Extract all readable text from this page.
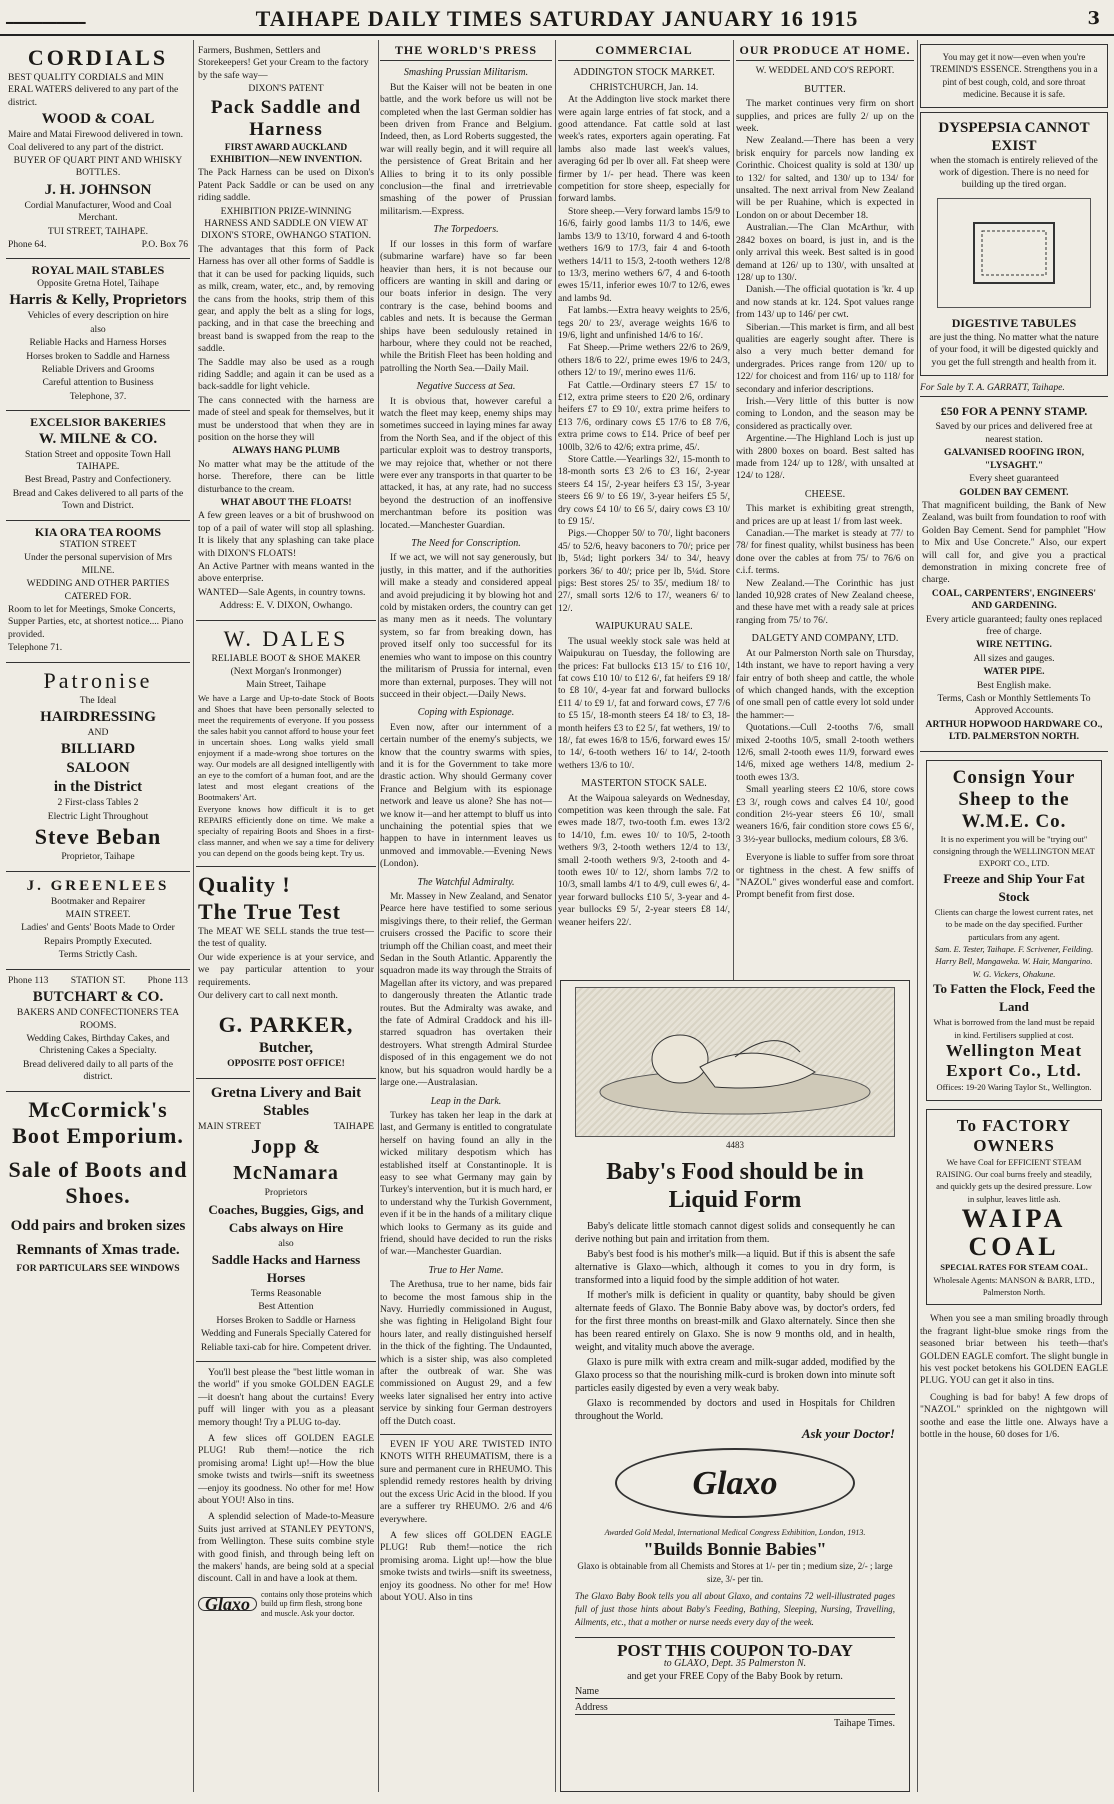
━━━━━━━━━━━	TAIHAPE DAILY TIMES SATURDAY JANUARY 16 1915	3

CORDIALS

BEST QUALITY CORDIALS and MIN ERAL WATERS delivered to any part of the district.

WOOD & COAL

Maire and Matai Firewood delivered in town. Coal delivered to any part of the district.

BUYER OF QUART PINT AND WHISKY BOTTLES.

J. H. JOHNSON

Cordial Manufacturer, Wood and Coal Merchant.

TUI STREET, TAIHAPE.

Phone 64.	P.O. Box 76

ROYAL MAIL STABLES

Opposite Gretna Hotel, Taihape

Harris & Kelly, Proprietors

Vehicles of every description on hire

also

Reliable Hacks and Harness Horses

Horses broken to Saddle and Harness

Reliable Drivers and Grooms

Careful attention to Business

Telephone, 37.

EXCELSIOR BAKERIES

W. MILNE & CO.

Station Street and opposite Town Hall TAIHAPE.

Best Bread, Pastry and Confectionery.

Bread and Cakes delivered to all parts of the Town and District.

KIA ORA TEA ROOMS

STATION STREET

Under the personal supervision of Mrs MILNE.

WEDDING AND OTHER PARTIES CATERED FOR.

Room to let for Meetings, Smoke Concerts, Supper Parties, etc, at shortest notice.... Piano provided.

Telephone 71.

Patronise

The Ideal

HAIRDRESSING

AND

BILLIARD

SALOON

in the District

2 First-class Tables 2

Electric Light Throughout

Steve Beban

Proprietor, Taihape

J. GREENLEES

Bootmaker and Repairer

MAIN STREET.

Ladies' and Gents' Boots Made to Order

Repairs Promptly Executed.

Terms Strictly Cash.

Phone 113 STATION ST. Phone 113

BUTCHART & CO.

BAKERS AND CONFECTIONERS TEA ROOMS.

Wedding Cakes, Birthday Cakes, and Christening Cakes a Specialty.

Bread delivered daily to all parts of the district.

McCormick's Boot Emporium.

Sale of Boots and Shoes.

Odd pairs and broken sizes

Remnants of Xmas trade.

FOR PARTICULARS SEE WINDOWS

Farmers, Bushmen, Settlers and Storekeepers! Get your Cream to the factory by the safe way—

DIXON'S PATENT

Pack Saddle and Harness

FIRST AWARD AUCKLAND EXHIBITION—NEW INVENTION.

The Pack Harness can be used on Dixon's Patent Pack Saddle or can be used on any riding saddle.

EXHIBITION PRIZE-WINNING HARNESS AND SADDLE ON VIEW AT DIXON'S STORE, OWHANGO STATION.

The advantages that this form of Pack Harness has over all other forms of Saddle is that it can be used for packing liquids, such as milk, cream, water, etc., and, by removing the cans from the hooks, strip them of this gear, and apply the belt as a sling for logs, packing, and in that case the breeching and breast band is swapped from the reap to the saddle.

The Saddle may also be used as a rough riding Saddle; and again it can be used as a back-saddle for light vehicle.

The cans connected with the harness are made of steel and speak for themselves, but it must be understood that when they are in position on the horse they will

ALWAYS HANG PLUMB

No matter what may be the attitude of the horse. Therefore, there can be little disturbance to the cream.

WHAT ABOUT THE FLOATS!

A few green leaves or a bit of brushwood on top of a pail of water will stop all splashing. It is likely that any splashing can take place with DIXON'S FLOATS!

An Active Partner with means wanted in the above enterprise.

WANTED—Sale Agents, in country towns.

Address: E. V. DIXON, Owhango.

W. DALES

RELIABLE BOOT & SHOE MAKER

(Next Morgan's Ironmonger)

Main Street, Taihape

We have a Large and Up-to-date Stock of Boots and Shoes that have been personally selected to meet the requirements of everyone. If you possess the sales habit you cannot afford to house your feet in uncertain shoes. Long walks yield small enjoyment if a made-wrong shoe tortures on the way. Our models are all designed intelligently with an eye to the comfort of a human foot, and are the latest and most elegant creations of the Bootmakers' Art.

Everyone knows how difficult it is to get REPAIRS efficiently done on time. We make a specialty of repairing Boots and Shoes in a first-class manner, and when we say a time for delivery you can depend on the goods being kept. Try us.

Quality !

The True Test

The MEAT WE SELL stands the true test—the test of quality.

Our wide experience is at your service, and we pay particular attention to your requirements.

Our delivery cart to call next month.

G. PARKER,

Butcher,

OPPOSITE POST OFFICE!

Gretna Livery and Bait Stables

MAIN STREET	TAIHAPE

Jopp & McNamara

Proprietors

Coaches, Buggies, Gigs, and Cabs always on Hire

also

Saddle Hacks and Harness Horses

Terms Reasonable

Best Attention

Horses Broken to Saddle or Harness

Wedding and Funerals Specially Catered for

Reliable taxi-cab for hire. Competent driver.

You'll best please the "best little woman in the world" if you smoke GOLDEN EAGLE—it doesn't hang about the curtains! Every puff will linger with you as a pleasant memory though! Try a PLUG to-day.

A few slices off GOLDEN EAGLE PLUG! Rub them!—notice the rich promising aroma! Light up!—How the blue smoke twists and twirls—snift its sweetness—enjoy its goodness. No other for me! How about YOU! Also in tins.

A splendid selection of Made-to-Measure Suits just arrived at STANLEY PEYTON'S, from Wellington. These suits combine style with good finish, and through being left on the makers' hands, are being sold at a special discount. Call in and have a look at them.

Glaxo	contains only those proteins which build up firm flesh, strong bone and muscle. Ask your doctor.
THE WORLD'S PRESS

Smashing Prussian Militarism.

But the Kaiser will not be beaten in one battle, and the work before us will not be completed when the last German soldier has been driven from France and Belgium. Indeed, then, as Lord Roberts suggested, the war will really begin, and it will require all the persistence of Great Britain and her Allies to bring it to its only possible conclusion—the final and irretrievable smashing of the power of Prussian militarism.—Express.

The Torpedoers.

If our losses in this form of warfare (submarine warfare) have so far been heavier than hers, it is not because our officers are wanting in skill and daring or our boats inferior in design. The very contrary is the case, behind booms and cables and nets. It is because the German ships have been sedulously retained in harbour, where they could not be reached, while the British Fleet has been holding and patrolling the North Sea.—Daily Mail.

Negative Success at Sea.

It is obvious that, however careful a watch the fleet may keep, enemy ships may sometimes succeed in laying mines far away from the North Sea, and if the object of this particular exploit was to destroy transports, we may rejoice that, whether or not there were ever any transports in that quarter to be attacked, it has, at any rate, had no success beyond the destruction of an inoffensive merchantman before its position was located.—Manchester Guardian.

The Need for Conscription.

If we act, we will not say generously, but justly, in this matter, and if the authorities will make a steady and considered appeal and avoid prejudicing it by blowing hot and cold by mistaken orders, the country can get as many men as it needs. The voluntary system, so far from breaking down, has proved itself only too successful for its enemies who want to impose on this country the militarism of Prussia for internal, even more than external, purposes. They will not succeed in their object.—Daily News.

Coping with Espionage.

Even now, after our internment of a certain number of the enemy's subjects, we know that the country swarms with spies, and it is for the Government to take more drastic action. Why should Germany cover France and Belgium with its espionage network and leave us alone? She has not—we know it—and her attempt to bluff us into unchaining the potential spies that we happen to have in internment leaves us unmoved and immovable.—Evening News (London).

The Watchful Admiralty.

Mr. Massey in New Zealand, and Senator Pearce here have testified to some serious misgivings there, to their relief, the German cruisers crossed the Pacific to score their triumph off the Chilian coast, and meet their Sedan in the South Atlantic. Apparently the squadron made its way through the Straits of Magellan after its victory, and was prepared to dangerously threaten the Atlantic trade routes. But the Admiralty was awake, and the fate of Admiral Craddock and his ill-starred squadron has overtaken their destroyers. What strength Admiral Sturdee disposed of in this engagement we do not know, but his squadron would hardly be a large one.—Australasian.

Leap in the Dark.

Turkey has taken her leap in the dark at last, and Germany is entitled to congratulate herself on having found an ally in the wicked military despotism which has established itself at Constantinople. It is easy to see what Germany may gain by Turkey's intervention, but it is much hard, er to understand why the Turkish Government, even if it be in the hands of a military clique which looks to Germany as its guide and friend, should have decided to run the risks of war.—Manchester Guardian.

True to Her Name.

The Arethusa, true to her name, bids fair to become the most famous ship in the Navy. Hurriedly commissioned in August, she was fighting in Heligoland Bight four hours later, and really distinguished herself in the thick of the fighting. The Undaunted, which is a sister ship, was also completed after the outbreak of war. She was commissioned on August 29, and a few weeks later signalised her entry into active service by sinking four German destroyers off the Dutch coast.

EVEN IF YOU ARE TWISTED INTO KNOTS WITH RHEUMATISM, there is a sure and permanent cure in RHEUMO. This splendid remedy restores health by driving out the excess Uric Acid in the blood. If you are a sufferer try RHEUMO. 2/6 and 4/6 everywhere.

A few slices off GOLDEN EAGLE PLUG! Rub them!—notice the rich promising aroma. Light up!—how the blue smoke twists and twirls—snift its sweetness, enjoy its goodness. No other for me! How about YOU. Also in tins

COMMERCIAL

ADDINGTON STOCK MARKET.

CHRISTCHURCH, Jan. 14.

At the Addington live stock market there were again large entries of fat stock, and a good attendance. Fat cattle sold at last week's rates, exporters again operating. Fat lambs also made last week's values, averaging 6d per lb over all. Fat sheep were firmer by 1/- per head. There was keen competition for store sheep, especially for forward lambs.

Store sheep.—Very forward lambs 15/9 to 16/6, fairly good lambs 11/3 to 14/6, ewe lambs 13/9 to 13/10, forward 4 and 6-tooth wethers 16/9 to 17/3, fair 4 and 6-tooth wethers 14/11 to 15/3, 2-tooth wethers 12/8 to 13/3, merino wethers 6/7, 4 and 6-tooth ewes 15/11, inferior ewes 10/7 to 12/6, ewes and lambs 9d.

Fat lambs.—Extra heavy weights to 25/6, tegs 20/ to 23/, average weights 16/6 to 19/6, light and unfinished 14/6 to 16/.

Fat Sheep.—Prime wethers 22/6 to 26/9, others 18/6 to 22/, prime ewes 19/6 to 24/3, others 12/ to 19/, merino ewes 11/6.

Fat Cattle.—Ordinary steers £7 15/ to £12, extra prime steers to £20 2/6, ordinary heifers £7 to £9 10/, extra prime heifers to £13 7/6, ordinary cows £5 17/6 to £8 7/6, extra prime cows to £14. Price of beef per 100lb, 32/6 to 42/6; extra prime, 45/.

Store Cattle.—Yearlings 32/, 15-month to 18-month sorts £3 2/6 to £3 16/, 2-year steers £4 15/, 2-year heifers £3 15/, 3-year steers £6 9/ to £6 19/, 3-year heifers £5 5/, dry cows £4 10/ to £6 5/, dairy cows £3 10/ to £9 15/.

Pigs.—Chopper 50/ to 70/, light baconers 45/ to 52/6, heavy baconers to 70/; price per lb, 5¼d; light porkers 34/ to 34/, heavy porkers 36/ to 40/; price per lb, 5¼d. Store pigs: Best stores 25/ to 35/, medium 18/ to 27/, small sorts 12/6 to 17/, weaners 6/ to 12/.

WAIPUKURAU SALE.

The usual weekly stock sale was held at Waipukurau on Tuesday, the following are the prices: Fat bullocks £13 15/ to £16 10/, fat cows £10 10/ to £12 6/, fat heifers £9 18/ to £8 10/, 4-year fat and forward bullocks £11 4/ to £9 1/, fat and forward cows, £7 7/6 to £5 15/, 18-month steers £4 18/ to £3, 18-month heifers £3 to £2 5/, fat wethers, 19/ to 18/, fat ewes 16/8 to 15/6, forward ewes 15/ to 14/, 6-tooth wethers 16/ to 14/, 2-tooth wethers 13/6 to 10/.

MASTERTON STOCK SALE.

At the Waipoua saleyards on Wednesday, competition was keen through the sale. Fat ewes made 18/7, two-tooth f.m. ewes 13/2 to 14/10, f.m. ewes 10/ to 10/5, 2-tooth wethers 9/3, 2-tooth wethers 12/4 to 13/, small 2-tooth wethers 9/3, 2-tooth and 4-tooth ewes 10/ to 12/, shorn lambs 7/2 to 10/3, small lambs 4/1 to 4/9, cull ewes 6/, 4-year forward bullocks £10 5/, 3-year and 4-year bullocks £9 5/, 2-year steers £8 14/, weaner heifers 22/.

OUR PRODUCE AT HOME.

W. WEDDEL AND CO'S REPORT.

BUTTER.

The market continues very firm on short supplies, and prices are fully 2/ up on the week.

New Zealand.—There has been a very brisk enquiry for parcels now landing ex Corinthic. Choicest quality is sold at 130/ up to 132/ for salted, and 130/ up to 134/ for unsalted. The next arrival from New Zealand will be per Ruahine, which is expected in London on or about December 18.

Australian.—The Clan McArthur, with 2842 boxes on board, is just in, and is the only arrival this week. Best salted is in good demand at 126/ up to 130/, with unsalted at 128/ up to 130/.

Danish.—The official quotation is 'kr. 4 up and now stands at kr. 124. Spot values range from 143/ up to 146/ per cwt.

Siberian.—This market is firm, and all best qualities are eagerly sought after. There is also a very much better demand for undergrades. Prices range from 120/ up to 122/ for choicest and from 116/ up to 118/ for secondary and inferior descriptions.

Irish.—Very little of this butter is now coming to London, and the season may be considered as practically over.

Argentine.—The Highland Loch is just up with 2800 boxes on board. Best salted has made from 124/ up to 128/, with unsalted at 124/ to 128/.

CHEESE.

This market is exhibiting great strength, and prices are up at least 1/ from last week.

Canadian.—The market is steady at 77/ to 78/ for finest quality, whilst business has been done over the cables at from 75/ to 76/6 on c.i.f. terms.

New Zealand.—The Corinthic has just landed 10,928 crates of New Zealand cheese, and these have met with a ready sale at prices ranging from 75/ to 76/.

DALGETY AND COMPANY, LTD.

At our Palmerston North sale on Thursday, 14th instant, we have to report having a very fair entry of both sheep and cattle, the whole of which changed hands, with the exception of one small pen of cattle every lot sold under the hammer:—

Quotations.—Cull 2-tooths 7/6, small mixed 2-tooths 10/5, small 2-tooth wethers 12/6, small 2-tooth ewes 11/9, forward ewes 14/6, mixed age wethers 14/8, medium 2-tooth ewes 13/3.

Small yearling steers £2 10/6, store cows £3 3/, rough cows and calves £4 10/, good condition 2½-year steers £6 10/, small weaners 16/6, fair condition store cows £5 6/, 3 3½-year bullocks, medium colours, £8 3/6.

Everyone is liable to suffer from sore throat or tightness in the chest. A few sniffs of "NAZOL" gives wonderful ease and comfort. Prompt benefit from first dose.

4483
Baby's Food should be in Liquid Form

Baby's delicate little stomach cannot digest solids and consequently he can derive nothing but pain and irritation from them.

Baby's best food is his mother's milk—a liquid. But if this is absent the safe alternative is Glaxo—which, although it comes to you in dry form, is transformed into a liquid food by the simple addition of hot water.

If mother's milk is deficient in quality or quantity, baby should be given alternate feeds of Glaxo. The Bonnie Baby above was, by doctor's orders, fed for the first three months on breast-milk and Glaxo alternately. Since then she has been reared entirely on Glaxo. She is now 9 months old, and in health, weight, and vitality much above the average.

Glaxo is pure milk with extra cream and milk-sugar added, modified by the Glaxo process so that the nourishing milk-curd is broken down into minute soft particles easily digested by even a very weak baby.

Glaxo is recommended by doctors and used in Hospitals for Children throughout the World.

Ask your Doctor!
Glaxo
Awarded Gold Medal, International Medical Congress Exhibition, London, 1913.
"Builds Bonnie Babies"

Glaxo is obtainable from all Chemists and Stores at 1/- per tin ; medium size, 2/- ; large size, 3/- per tin.

The Glaxo Baby Book tells you all about Glaxo, and contains 72 well-illustrated pages full of just those hints about Baby's Feeding, Bathing, Sleeping, Nursing, Travelling, Ailments, etc., that a mother or nurse needs every day of the week.

POST THIS COUPON TO-DAY
to GLAXO, Dept. 35 Palmerston N.
and get your FREE Copy of the Baby Book by return.
Name
Address
Taihape Times.

You may get it now—even when you're TREMIND'S ESSENCE. Strengthens you in a pint of best cough, cold, and sore throat medicine. Because it is safe.

DYSPEPSIA CANNOT EXIST

when the stomach is entirely relieved of the work of digestion. There is no need for building up the tired organ.

DIGESTIVE TABULES

are just the thing. No matter what the nature of your food, it will be digested quickly and you get the full strength and health from it.

For Sale by T. A. GARRATT, Taihape.

£50 FOR A PENNY STAMP.

Saved by our prices and delivered free at nearest station.

GALVANISED ROOFING IRON, "LYSAGHT."

Every sheet guaranteed

GOLDEN BAY CEMENT.

That magnificent building, the Bank of New Zealand, was built from foundation to roof with Golden Bay Cement. Send for pamphlet "How to Mix and Use Concrete." Also, our expert will call for, and give you a practical demonstration in mixing concrete free of charge.

COAL, CARPENTERS', ENGINEERS' AND GARDENING.

Every article guaranteed; faulty ones replaced free of charge.

WIRE NETTING.

All sizes and gauges.

WATER PIPE.

Best English make.

Terms, Cash or Monthly Settlements To Approved Accounts.

ARTHUR HOPWOOD HARDWARE CO., LTD. PALMERSTON NORTH.

Consign Your Sheep to the W.M.E. Co.

It is no experiment you will be "trying out" consigning through the WELLINGTON MEAT EXPORT CO., LTD.

Freeze and Ship Your Fat Stock

Clients can charge the lowest current rates, net to be made on the day specified. Further particulars from any agent.

Sam. E. Tester, Taihape. F. Scrivener, Feilding. Harry Bell, Mangaweka. W. Hair, Mangarino. W. G. Vickers, Ohakune.

To Fatten the Flock, Feed the Land

What is borrowed from the land must be repaid in kind. Fertilisers supplied at cost.

Wellington Meat Export Co., Ltd.

Offices: 19-20 Waring Taylor St., Wellington.

To FACTORY OWNERS

We have Coal for EFFICIENT STEAM RAISING. Our coal burns freely and steadily, and quickly gets up the desired pressure. Low in sulphur, leaves little ash.

WAIPA COAL

SPECIAL RATES FOR STEAM COAL.

Wholesale Agents: MANSON & BARR, LTD., Palmerston North.

When you see a man smiling broadly through the fragrant light-blue smoke rings from the seasoned briar between his teeth—that's GOLDEN EAGLE comfort. The slight bungle in his vest pocket betokens his GOLDEN EAGLE PLUG. YOU can get it also in tins.

Coughing is bad for baby! A few drops of "NAZOL" sprinkled on the nightgown will soothe and ease the little one. Always have a bottle in the house, 60 doses for 1/6.
